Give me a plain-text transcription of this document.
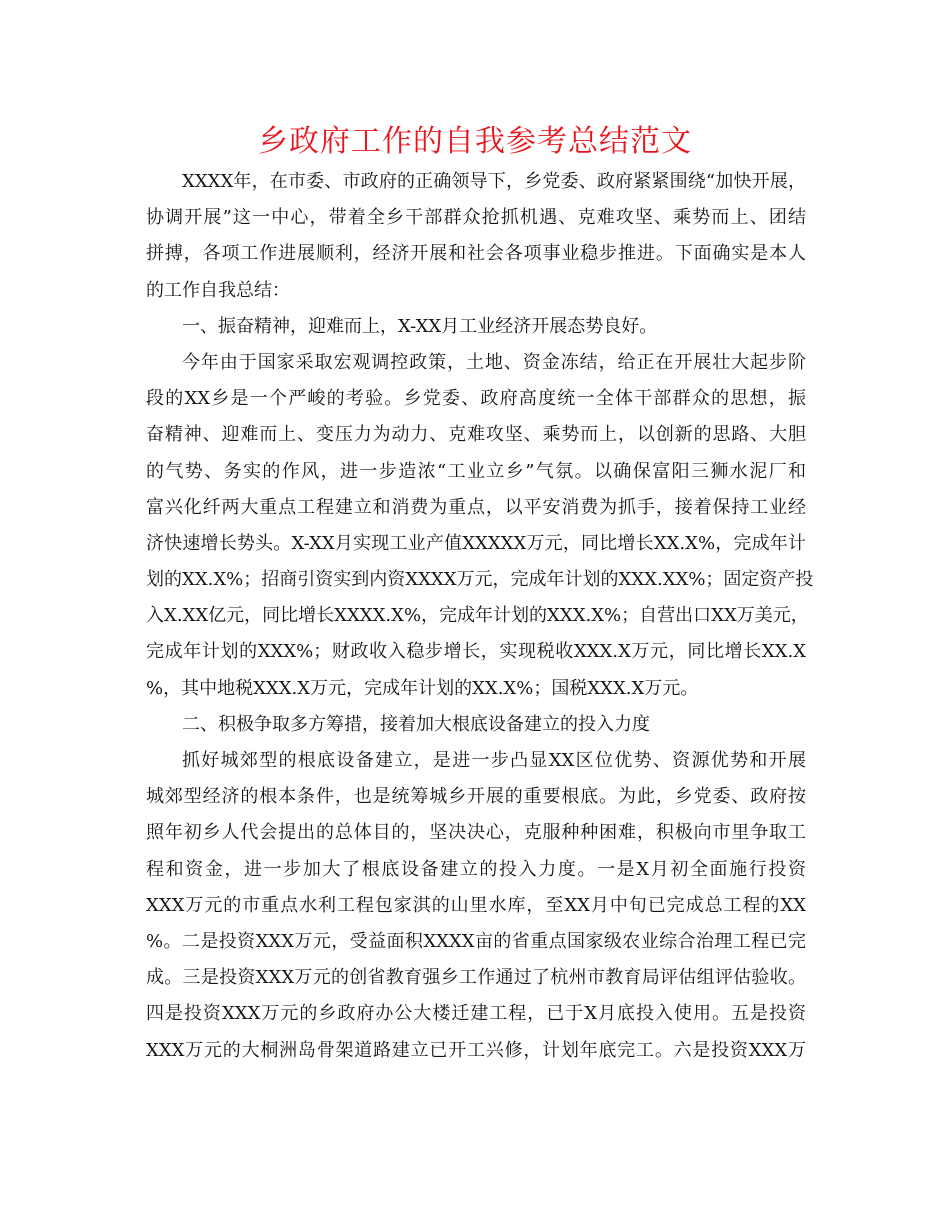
乡政府工作的自我参考总结范文
XXXX年，在市委、市政府的正确领导下，乡党委、政府紧紧围绕“加快开展，
协调开展”这一中心，带着全乡干部群众抢抓机遇、克难攻坚、乘势而上、团结
拼搏，各项工作进展顺利，经济开展和社会各项事业稳步推进。下面确实是本人
的工作自我总结：
一、振奋精神，迎难而上，X-XX月工业经济开展态势良好。
今年由于国家采取宏观调控政策，土地、资金冻结，给正在开展壮大起步阶
段的XX乡是一个严峻的考验。乡党委、政府高度统一全体干部群众的思想，振
奋精神、迎难而上、变压力为动力、克难攻坚、乘势而上，以创新的思路、大胆
的气势、务实的作风，进一步造浓“工业立乡”气氛。以确保富阳三狮水泥厂和
富兴化纤两大重点工程建立和消费为重点，以平安消费为抓手，接着保持工业经
济快速增长势头。X-XX月实现工业产值XXXXX万元，同比增长XX.X%，完成年计
划的XX.X%；招商引资实到内资XXXX万元，完成年计划的XXX.XX%；固定资产投
入X.XX亿元，同比增长XXXX.X%，完成年计划的XXX.X%；自营出口XX万美元，
完成年计划的XXX%；财政收入稳步增长，实现税收XXX.X万元，同比增长XX.X
%，其中地税XXX.X万元，完成年计划的XX.X%；国税XXX.X万元。
二、积极争取多方筹措，接着加大根底设备建立的投入力度
抓好城郊型的根底设备建立，是进一步凸显XX区位优势、资源优势和开展
城郊型经济的根本条件，也是统筹城乡开展的重要根底。为此，乡党委、政府按
照年初乡人代会提出的总体目的，坚决决心，克服种种困难，积极向市里争取工
程和资金，进一步加大了根底设备建立的投入力度。一是X月初全面施行投资
XXX万元的市重点水利工程包家淇的山里水库，至XX月中旬已完成总工程的XX
%。二是投资XXX万元，受益面积XXXX亩的省重点国家级农业综合治理工程已完
成。三是投资XXX万元的创省教育强乡工作通过了杭州市教育局评估组评估验收。
四是投资XXX万元的乡政府办公大楼迁建工程，已于X月底投入使用。五是投资
XXX万元的大桐洲岛骨架道路建立已开工兴修，计划年底完工。六是投资XXX万
